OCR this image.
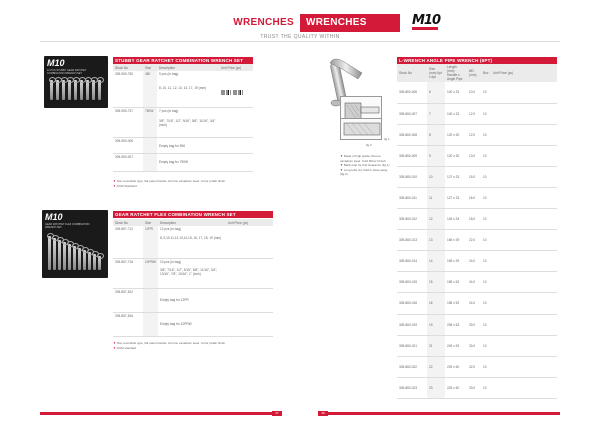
WRENCHES	WRENCHES	M10
TRUST THE QUALITY WITHIN
M10
12 PCS STUBBY GEAR RATCHET COMBINATION WRENCH SET
STUBBY GEAR RATCHET COMBINATION WRENCH SET
Stock No	Size	Description	Unit Price (pc)
305-950-750	450	9 pcs (in bag)
8, 10, 11, 12, 13, 14, 17, 19 (mm)	

305-950-737	750W	7 pcs (in bag)
3/8", 7/16", 1/2", 9/16", 5/8", 11/16", 3/4" (inch)	

305-950-006		Empty bag for 906	

305-950-007		Empty bag for 750W	

▼ Non reversible type, flat panel handle, chrome vanadium steel, mirror polish finish
▼ ANSI Standard
M10
GEAR RATCHET FLEX COMBINATION WRENCH SET
GEAR RATCHET FLEX COMBINATION WRENCH SET
Stock No	Size	Description	Unit Price (pc)
305-857-712	12PR	12 pcs (in bag)
8, 9,10,11,12,13,14,15, 16, 17, 18, 19 (mm)	

305-857-716	10PRW	10 pcs (in bag)
3/8", 7/16", 1/2", 9/16", 5/8", 11/16", 3/4", 13/16", 7/8", 15/16", 1" (inch)	

305-857-812		Empty bag for 12PR	

305-857-816		Empty bag for 10PRW	

▼ Non reversible type, flat panel handle, chrome vanadium steel, mirror polish finish
▼ ANSI standard
fig.1
fig.2
▼ Made of high grade chrome vanadium steel. Cold Mirror Finish
▼ Back-stop for bolt clearance (fig.1)
▼ Long tube (in) hold in sizes away (fig.2)
L-WRENCH ANGLE PIPE WRENCH (6PT)
Stock No	Size (mm) 6pt x 6pt	Length (mm) Handle x Angle Pipe	ØD (mm)	Box	Unit Price (pc)
305-860-006	6	100 x 32	10.0	10	
305-860-007	7	100 x 32	12.0	10	
305-860-008	8	120 x 30	12.0	10	
305-860-009	9	120 x 30	13.0	10	
305-860-010	10	127 x 33	15.0	10	
305-860-011	11	127 x 33	16.0	10	
305-860-012	12	145 x 34	18.0	10	
305-860-013	13	165 x 39	22.0	10	
305-860-014	14	165 x 39	24.0	10	
305-860-015	15	185 x 52	24.0	10	
305-860-016	16	185 x 52	24.0	10	
305-860-019	19	205 x 63	30.0	10	
305-860-021	21	245 x 53	30.0	10	
305-860-022	22	225 x 60	32.0	10	
305-860-023	23	225 x 60	33.0	10	
37	38
